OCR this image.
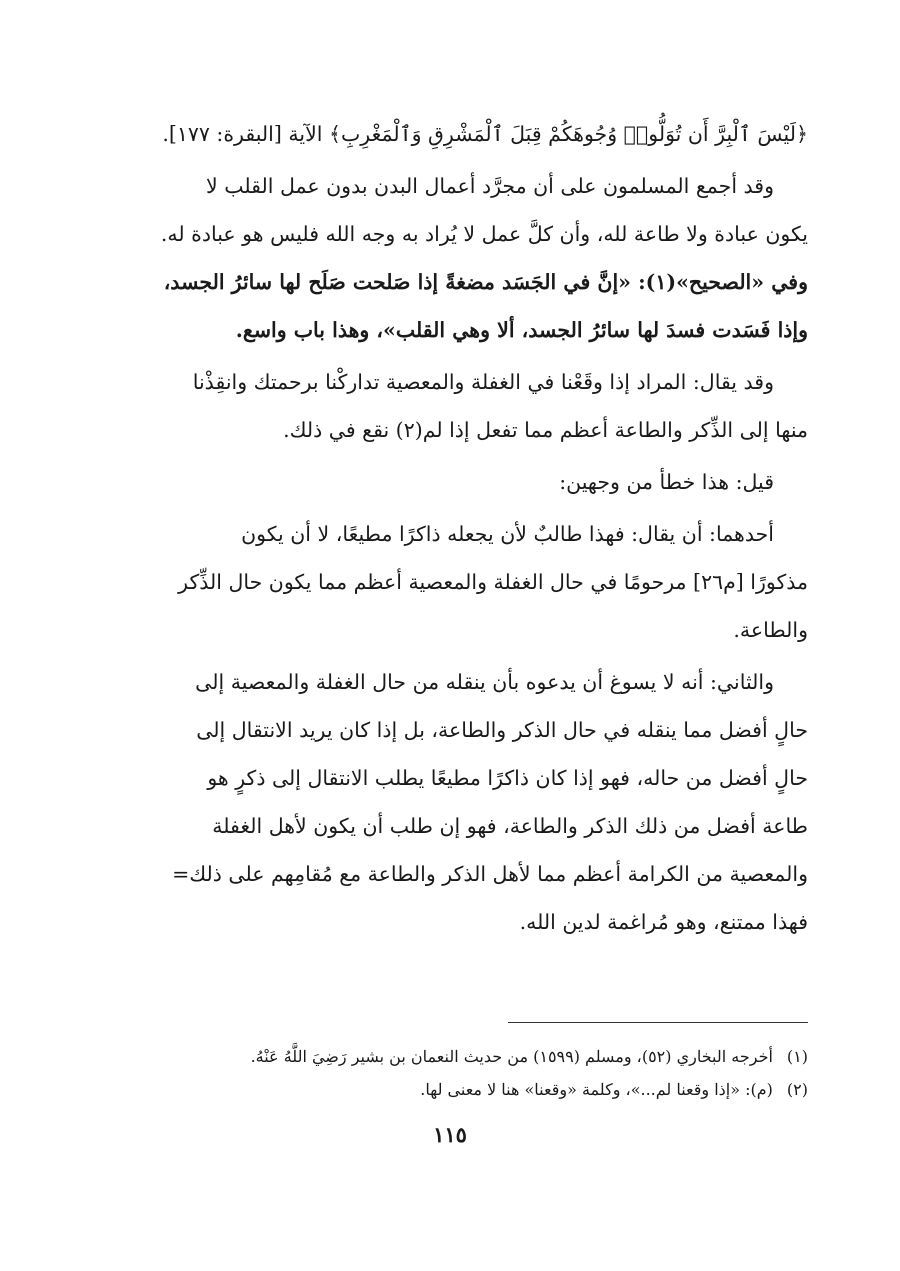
﴿لَيْسَ ٱلْبِرَّ أَن تُوَلُّوا۟ وُجُوهَكُمْ قِبَلَ ٱلْمَشْرِقِ وَٱلْمَغْرِبِ﴾ الآية [البقرة: ١٧٧].
وقد أجمع المسلمون على أن مجرَّد أعمال البدن بدون عمل القلب لا
يكون عبادة ولا طاعة لله، وأن كلَّ عمل لا يُراد به وجه الله فليس هو عبادة له.
وفي «الصحيح»(١): «إنَّ في الجَسَد مضغةً إذا صَلحت صَلَح لها سائرُ الجسد،
وإذا فَسَدت فسدَ لها سائرُ الجسد، ألا وهي القلب»، وهذا باب واسع.
وقد يقال: المراد إذا وقَعْنا في الغفلة والمعصية تداركْنا برحمتك وانقِذْنا
منها إلى الذِّكر والطاعة أعظم مما تفعل إذا لم(٢) نقع في ذلك.
قيل: هذا خطأ من وجهين:
أحدهما: أن يقال: فهذا طالبٌ لأن يجعله ذاكرًا مطيعًا، لا أن يكون
مذكورًا [م٢٦] مرحومًا في حال الغفلة والمعصية أعظم مما يكون حال الذِّكر
والطاعة.
والثاني: أنه لا يسوغ أن يدعوه بأن ينقله من حال الغفلة والمعصية إلى
حالٍ أفضل مما ينقله في حال الذكر والطاعة، بل إذا كان يريد الانتقال إلى
حالٍ أفضل من حاله، فهو إذا كان ذاكرًا مطيعًا يطلب الانتقال إلى ذكرٍ هو
طاعة أفضل من ذلك الذكر والطاعة، فهو إن طلب أن يكون لأهل الغفلة
والمعصية من الكرامة أعظم مما لأهل الذكر والطاعة مع مُقامِهم على ذلك=
فهذا ممتنع، وهو مُراغمة لدين الله.
(١) أخرجه البخاري (٥٢)، ومسلم (١٥٩٩) من حديث النعمان بن بشير رَضِيَ اللَّهُ عَنْهُ.
(٢) (م): «إذا وقعنا لم...»، وكلمة «وقعنا» هنا لا معنى لها.
١١٥
